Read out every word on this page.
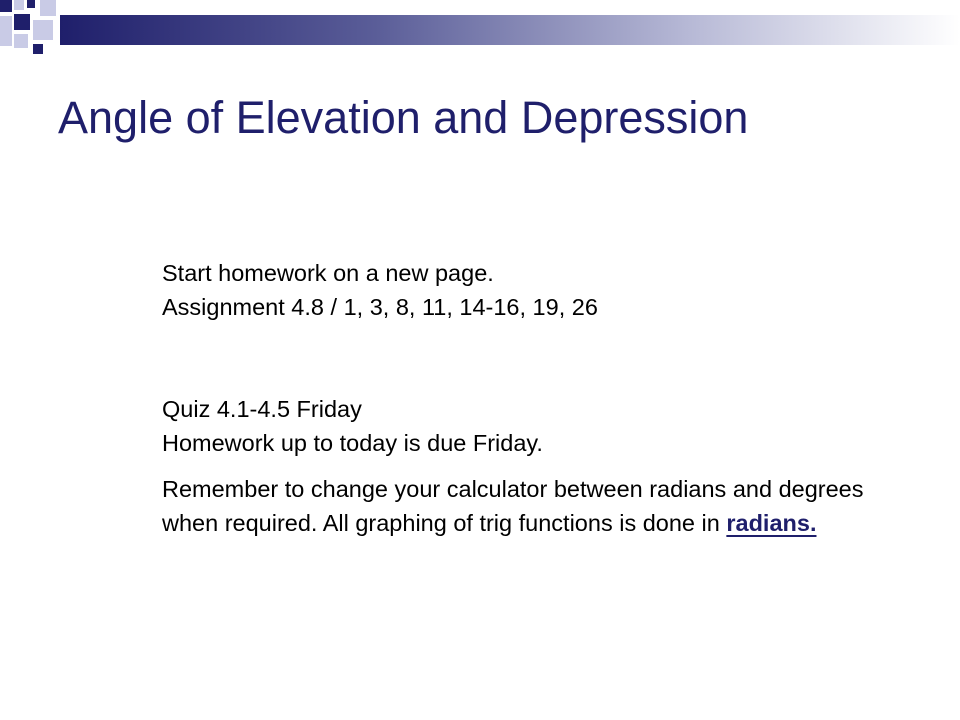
Angle of Elevation and Depression

Start homework on a new page.

Assignment 4.8 / 1, 3, 8, 11, 14-16, 19, 26

Quiz 4.1-4.5 Friday

Homework up to today is due Friday.

Remember to change your calculator between radians and degrees when required. All graphing of trig functions is done in radians.
